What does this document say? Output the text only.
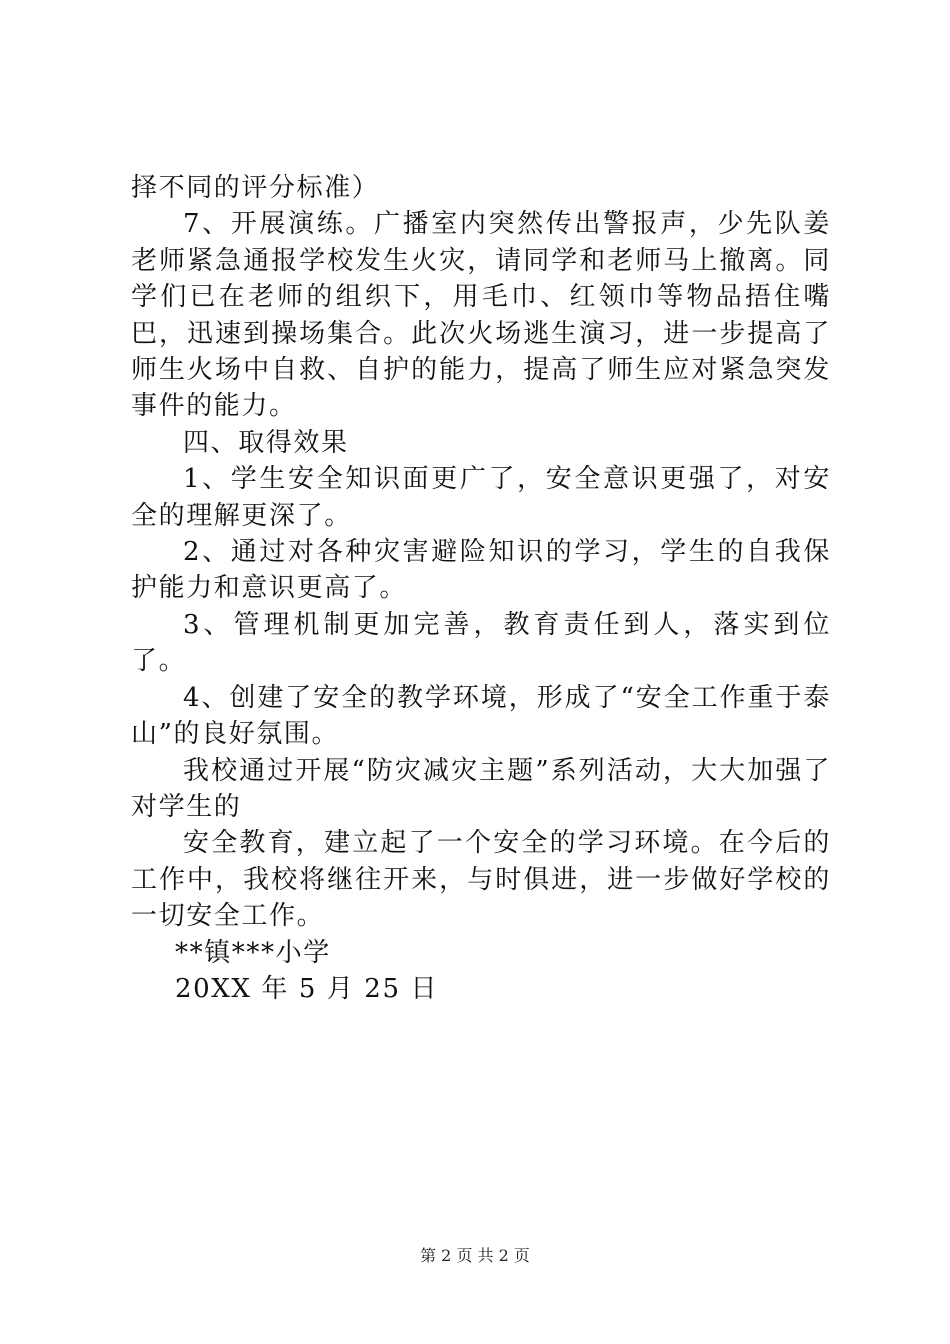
择不同的评分标准）

7、开展演练。广播室内突然传出警报声，少先队姜老师紧急通报学校发生火灾，请同学和老师马上撤离。同学们已在老师的组织下，用毛巾、红领巾等物品捂住嘴巴，迅速到操场集合。此次火场逃生演习，进一步提高了师生火场中自救、自护的能力，提高了师生应对紧急突发事件的能力。

四、取得效果

1、学生安全知识面更广了，安全意识更强了，对安全的理解更深了。

2、通过对各种灾害避险知识的学习，学生的自我保护能力和意识更高了。

3、管理机制更加完善，教育责任到人，落实到位了。

4、创建了安全的教学环境，形成了“安全工作重于泰山”的良好氛围。

我校通过开展“防灾减灾主题”系列活动，大大加强了对学生的

安全教育，建立起了一个安全的学习环境。在今后的工作中，我校将继往开来，与时俱进，进一步做好学校的一切安全工作。

**镇***小学

20XX 年 5 月 25 日

第 2 页 共 2 页
